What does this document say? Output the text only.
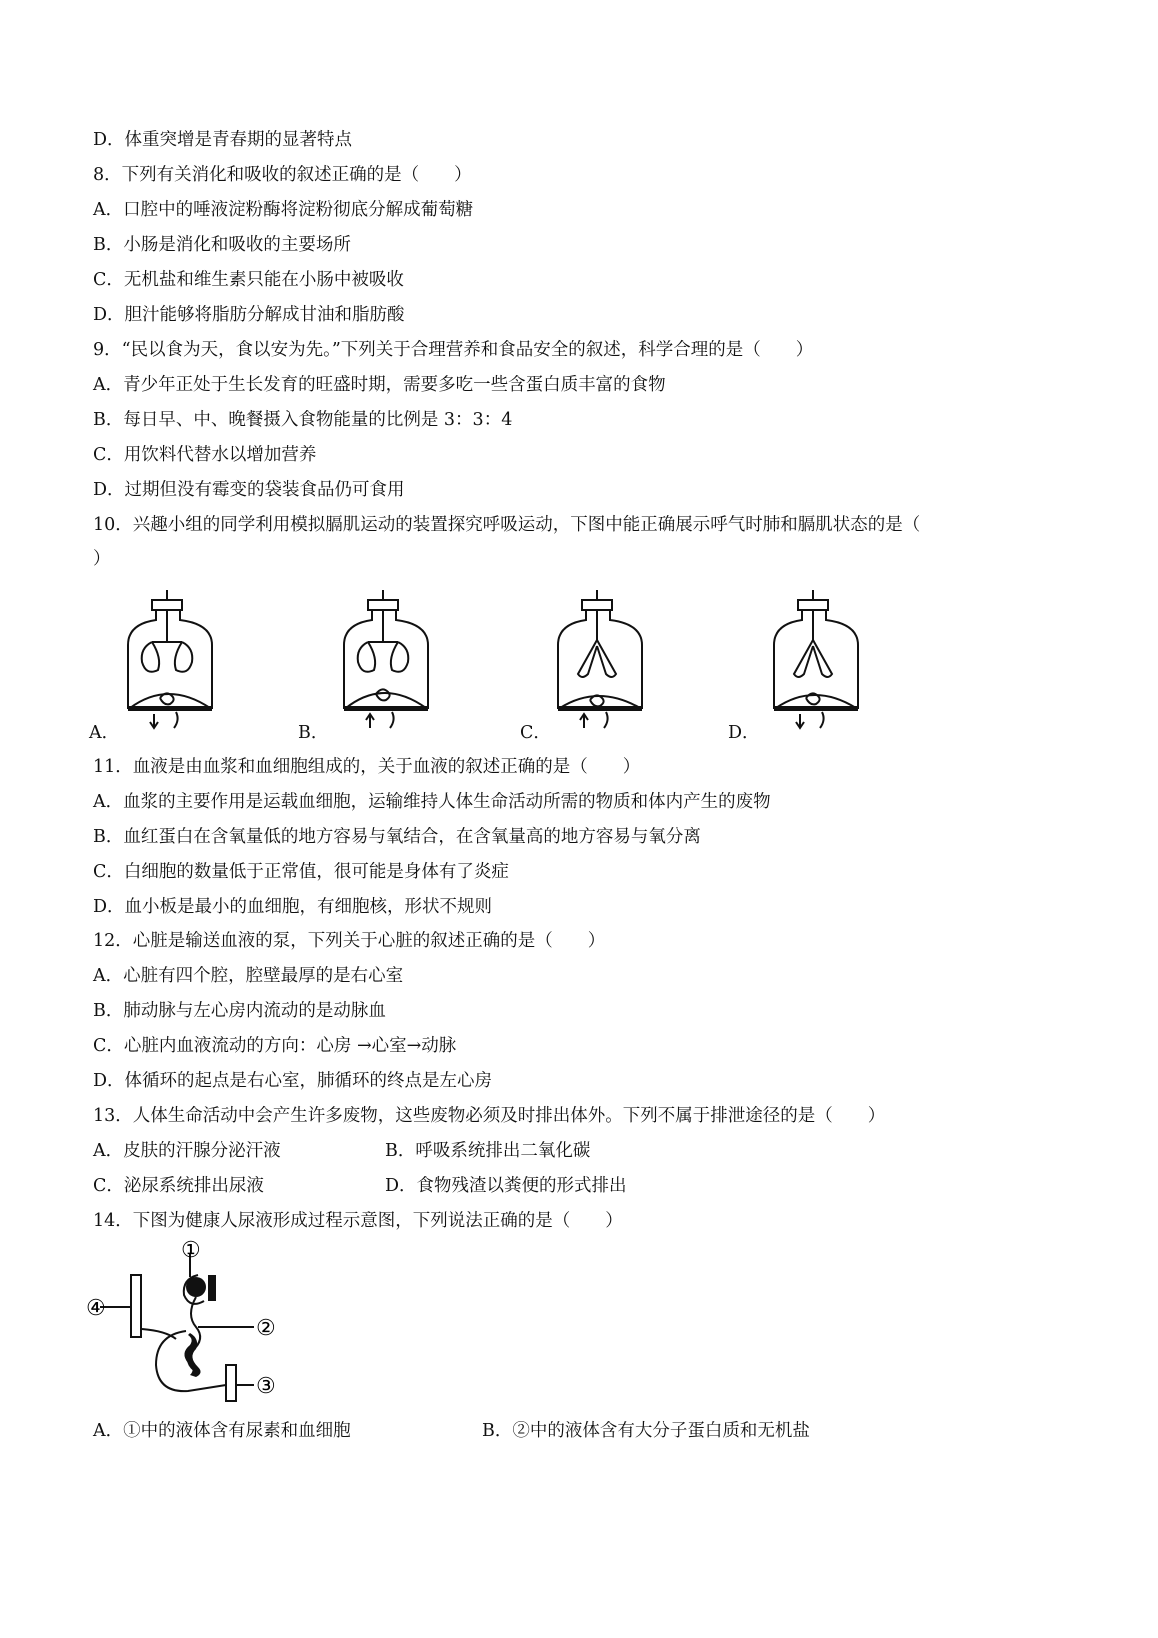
D．体重突增是青春期的显著特点
8．下列有关消化和吸收的叙述正确的是（　　）
A．口腔中的唾液淀粉酶将淀粉彻底分解成葡萄糖
B．小肠是消化和吸收的主要场所
C．无机盐和维生素只能在小肠中被吸收
D．胆汁能够将脂肪分解成甘油和脂肪酸
9．“民以食为天，食以安为先。”下列关于合理营养和食品安全的叙述，科学合理的是（　　）
A．青少年正处于生长发育的旺盛时期，需要多吃一些含蛋白质丰富的食物
B．每日早、中、晚餐摄入食物能量的比例是 3：3：4
C．用饮料代替水以增加营养
D．过期但没有霉变的袋装食品仍可食用
10．兴趣小组的同学利用模拟膈肌运动的装置探究呼吸运动，下图中能正确展示呼气时肺和膈肌状态的是（
）
A．	B．	C．	D．
11．血液是由血浆和血细胞组成的，关于血液的叙述正确的是（　　）
A．血浆的主要作用是运载血细胞，运输维持人体生命活动所需的物质和体内产生的废物
B．血红蛋白在含氧量低的地方容易与氧结合，在含氧量高的地方容易与氧分离
C．白细胞的数量低于正常值，很可能是身体有了炎症
D．血小板是最小的血细胞，有细胞核，形状不规则
12．心脏是输送血液的泵，下列关于心脏的叙述正确的是（　　）
A．心脏有四个腔，腔壁最厚的是右心室
B．肺动脉与左心房内流动的是动脉血
C．心脏内血液流动的方向：心房 →心室→动脉
D．体循环的起点是右心室，肺循环的终点是左心房
13．人体生命活动中会产生许多废物，这些废物必须及时排出体外。下列不属于排泄途径的是（　　）
A．皮肤的汗腺分泌汗液	B．呼吸系统排出二氧化碳
C．泌尿系统排出尿液	D．食物残渣以粪便的形式排出
14．下图为健康人尿液形成过程示意图，下列说法正确的是（　　）
①
②
③
④
A．①中的液体含有尿素和血细胞	B．②中的液体含有大分子蛋白质和无机盐
